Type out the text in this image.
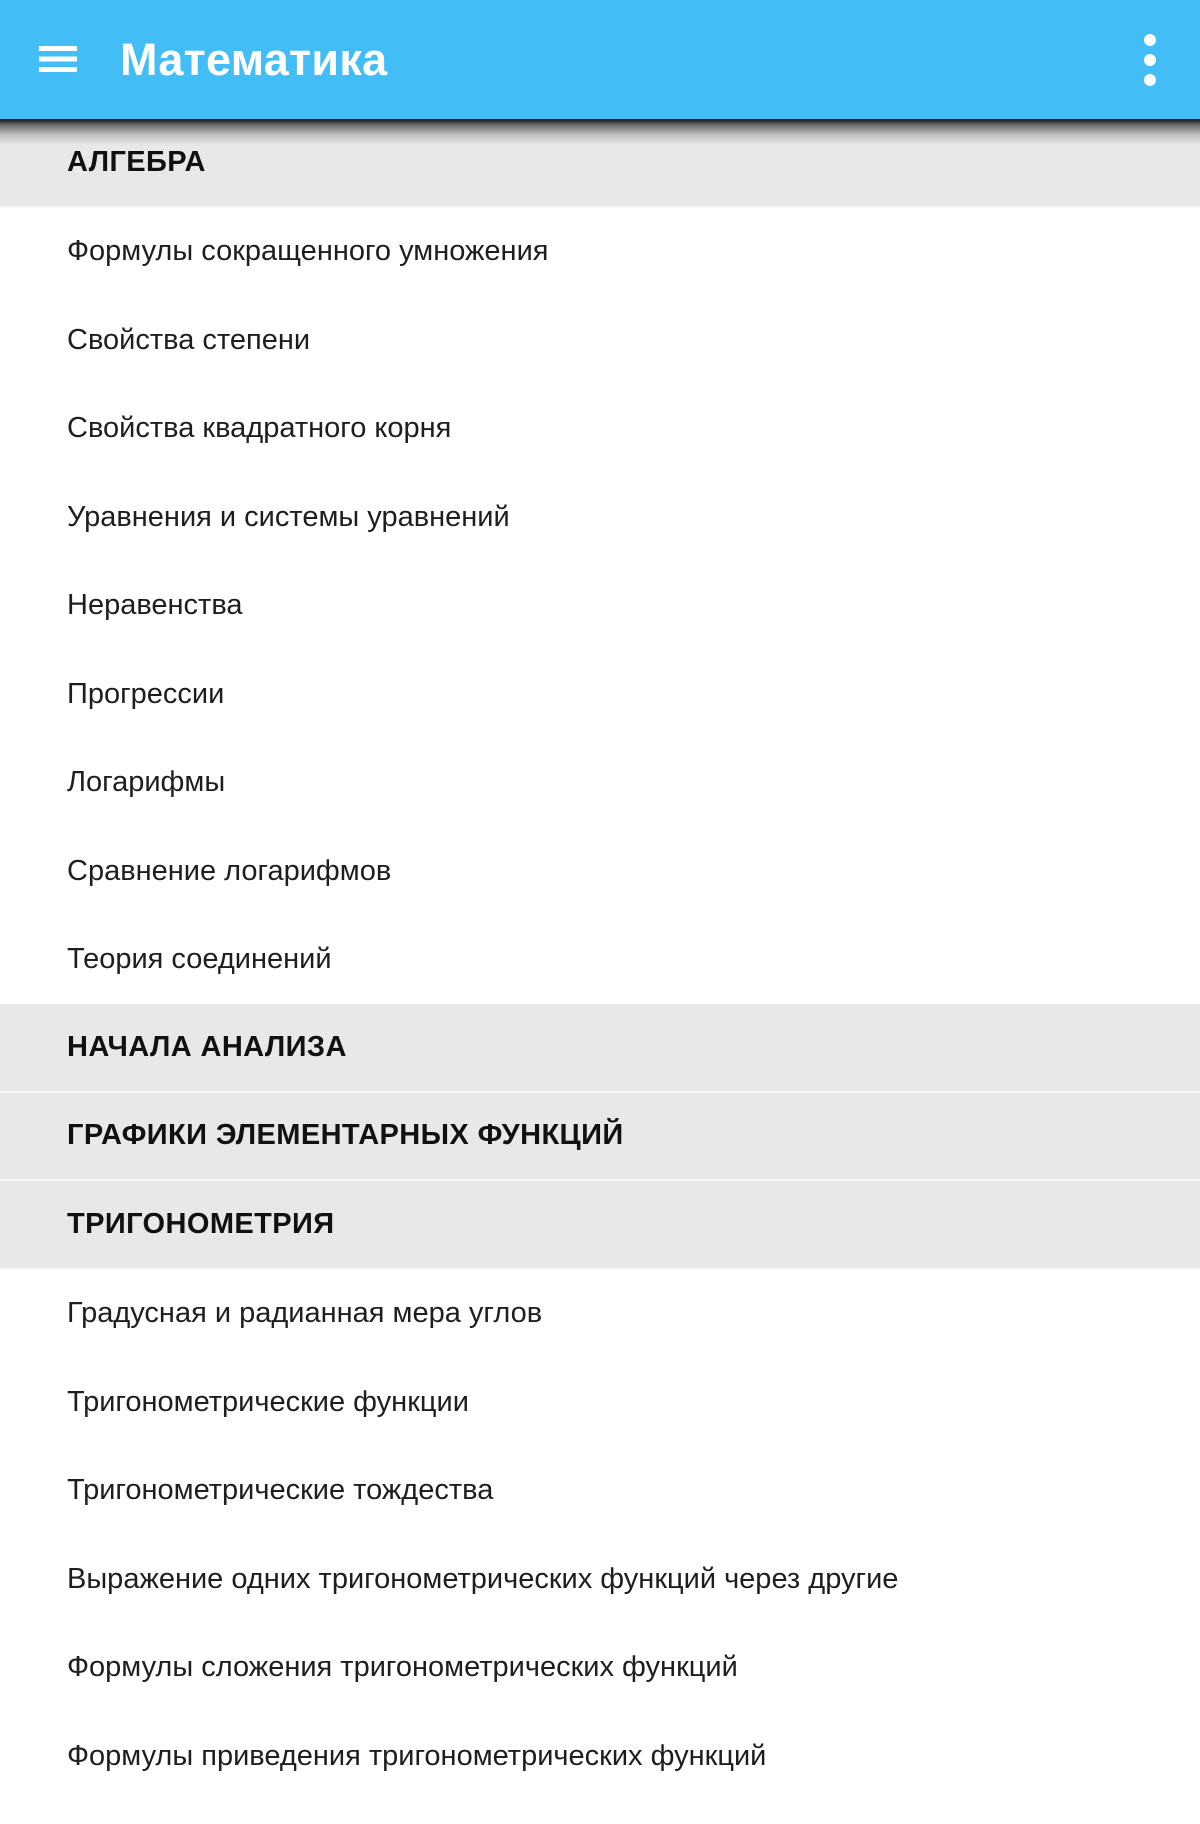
Математика
АЛГЕБРА
Формулы сокращенного умножения
Свойства степени
Свойства квадратного корня
Уравнения и системы уравнений
Неравенства
Прогрессии
Логарифмы
Сравнение логарифмов
Теория соединений
НАЧАЛА АНАЛИЗА
ГРАФИКИ ЭЛЕМЕНТАРНЫХ ФУНКЦИЙ
ТРИГОНОМЕТРИЯ
Градусная и радианная мера углов
Тригонометрические функции
Тригонометрические тождества
Выражение одних тригонометрических функций через другие
Формулы сложения тригонометрических функций
Формулы приведения тригонометрических функций
